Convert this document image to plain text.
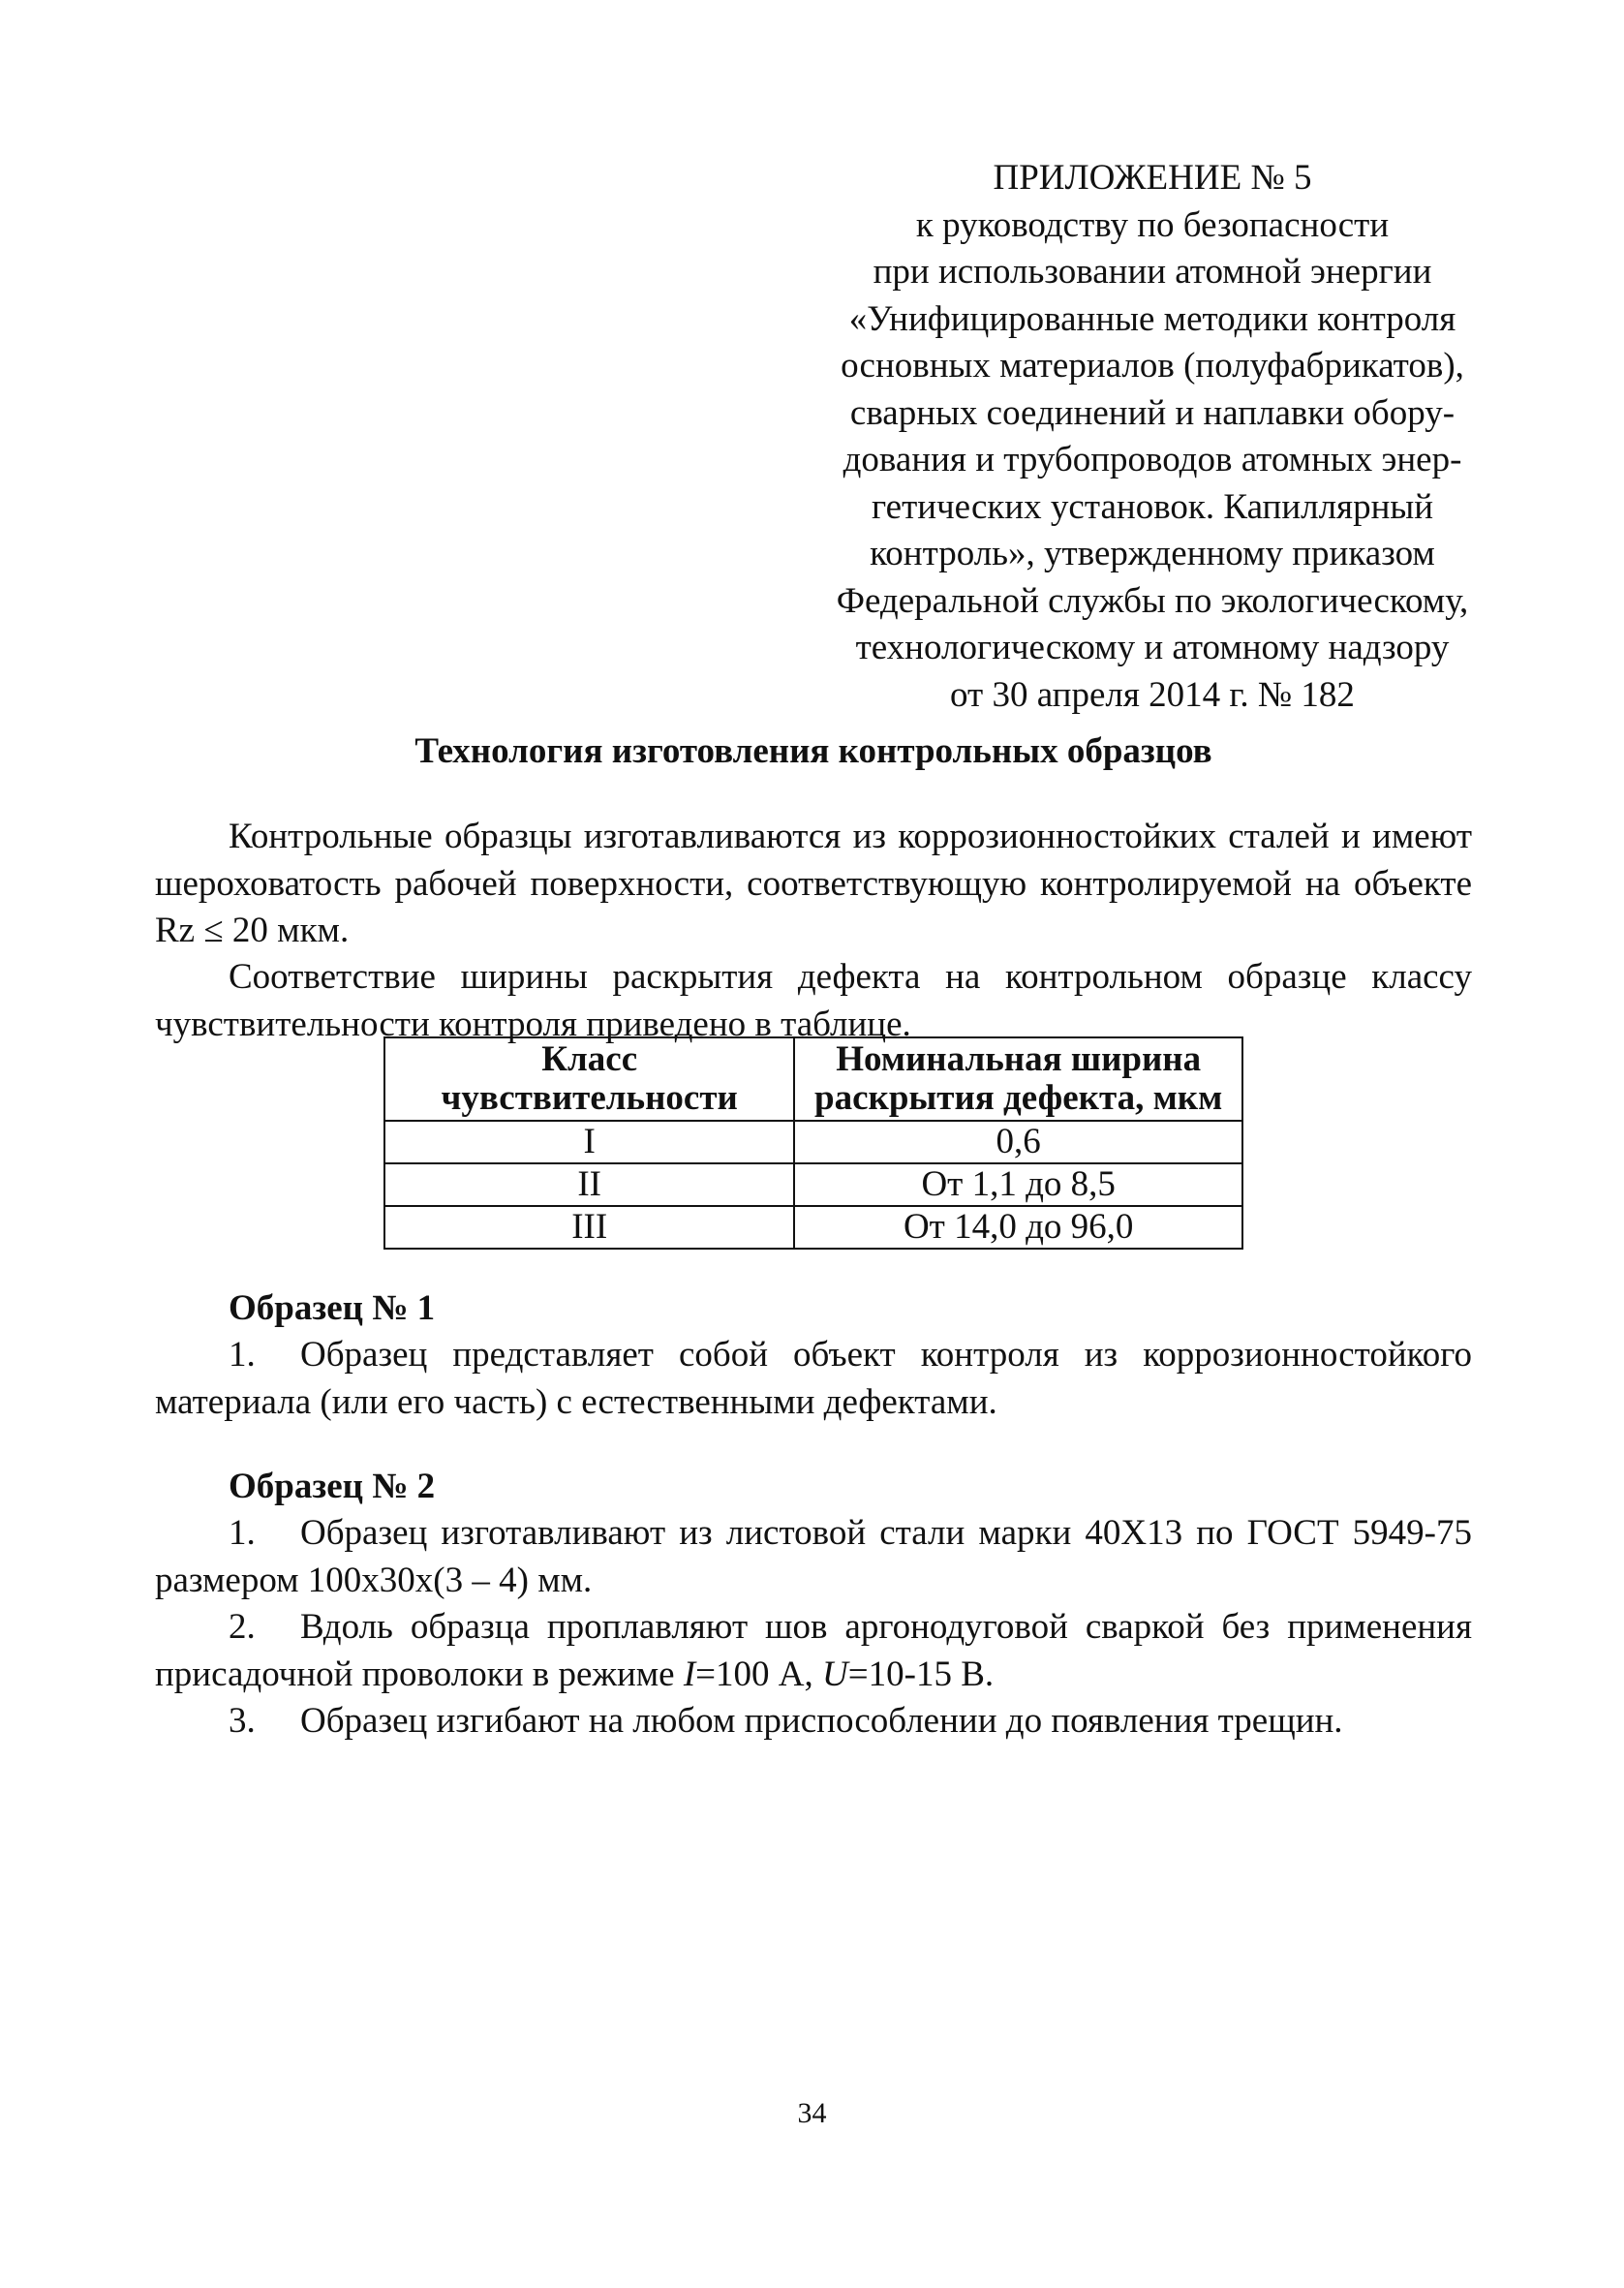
ПРИЛОЖЕНИЕ № 5
к руководству по безопасности
при использовании атомной энергии
«Унифицированные методики контроля
основных материалов (полуфабрикатов),
сварных соединений и наплавки обору-
дования и трубопроводов атомных энер-
гетических установок. Капиллярный
контроль», утвержденному приказом
Федеральной службы по экологическому,
технологическому и атомному надзору
от 30 апреля 2014 г. № 182
Технология изготовления контрольных образцов
Контрольные образцы изготавливаются из коррозионностойких сталей и имеют шероховатость рабочей поверхности, соответствующую контролируемой на объекте Rz ≤ 20 мкм.
Соответствие ширины раскрытия дефекта на контрольном образце классу чувствительности контроля приведено в таблице.
Класс чувствительности	Номинальная ширина раскрытия дефекта, мкм
I	0,6
II	От 1,1 до 8,5
III	От 14,0 до 96,0
Образец № 1
1. Образец представляет собой объект контроля из коррозионностойкого материала (или его часть) с естественными дефектами.
Образец № 2
1. Образец изготавливают из листовой стали марки 40Х13 по ГОСТ 5949-75 размером 100х30х(3 – 4) мм.
2. Вдоль образца проплавляют шов аргонодуговой сваркой без применения присадочной проволоки в режиме I=100 А, U=10-15 В.
3. Образец изгибают на любом приспособлении до появления трещин.
34
